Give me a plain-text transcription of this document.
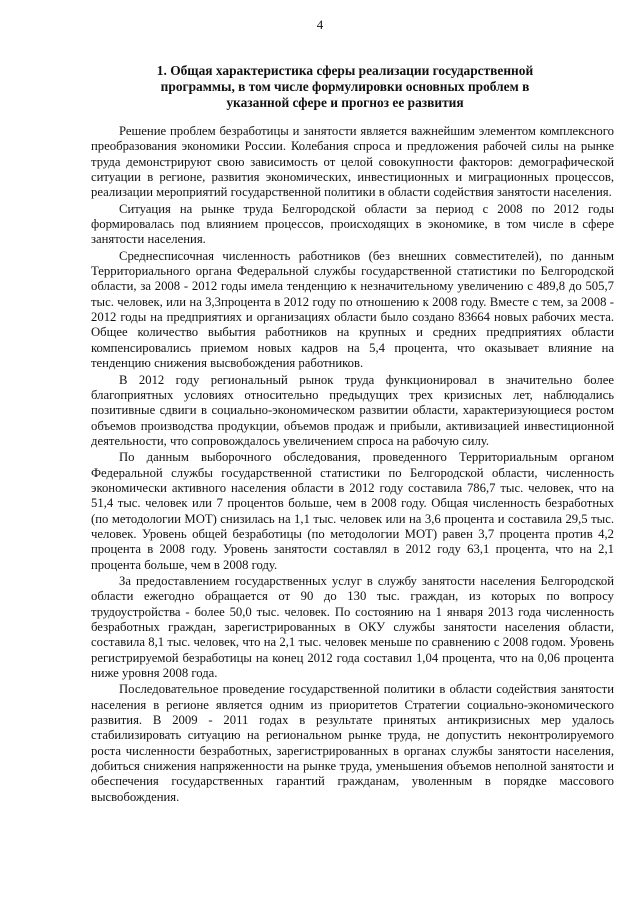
4
1. Общая характеристика сферы реализации государственной программы, в том числе формулировки основных проблем в указанной сфере и прогноз ее развития

Решение проблем безработицы и занятости является важнейшим элементом комплексного преобразования экономики России. Колебания спроса и предложения рабочей силы на рынке труда демонстрируют свою зависимость от целой совокупности факторов: демографической ситуации в регионе, развития экономических, инвестиционных и миграционных процессов, реализации мероприятий государственной политики в области содействия занятости населения.

Ситуация на рынке труда Белгородской области за период с 2008 по 2012 годы формировалась под влиянием процессов, происходящих в экономике, в том числе в сфере занятости населения.

Среднесписочная численность работников (без внешних совместителей), по данным Территориального органа Федеральной службы государственной статистики по Белгородской области, за 2008 - 2012 годы имела тенденцию к незначительному увеличению с 489,8 до 505,7 тыс. человек, или на 3,3процента в 2012 году по отношению к 2008 году. Вместе с тем, за 2008 - 2012 годы на предприятиях и организациях области было создано 83664 новых рабочих места. Общее количество выбытия работников на крупных и средних предприятиях области компенсировались приемом новых кадров на 5,4 процента, что оказывает влияние на тенденцию снижения высвобождения работников.

В 2012 году региональный рынок труда функционировал в значительно более благоприятных условиях относительно предыдущих трех кризисных лет, наблюдались позитивные сдвиги в социально-экономическом развитии области, характеризующиеся ростом объемов производства продукции, объемов продаж и прибыли, активизацией инвестиционной деятельности, что сопровождалось увеличением спроса на рабочую силу.

По данным выборочного обследования, проведенного Территориальным органом Федеральной службы государственной статистики по Белгородской области, численность экономически активного населения области в 2012 году составила 786,7 тыс. человек, что на 51,4 тыс. человек или 7 процентов больше, чем в 2008 году. Общая численность безработных (по методологии МОТ) снизилась на 1,1 тыс. человек или на 3,6 процента и составила 29,5 тыс. человек. Уровень общей безработицы (по методологии МОТ) равен 3,7 процента против 4,2 процента в 2008 году. Уровень занятости составлял в 2012 году 63,1 процента, что на 2,1 процента больше, чем в 2008 году.

За предоставлением государственных услуг в службу занятости населения Белгородской области ежегодно обращается от 90 до 130 тыс. граждан, из которых по вопросу трудоустройства - более 50,0 тыс. человек. По состоянию на 1 января 2013 года численность безработных граждан, зарегистрированных в ОКУ службы занятости населения области, составила 8,1 тыс. человек, что на 2,1 тыс. человек меньше по сравнению с 2008 годом. Уровень регистрируемой безработицы на конец 2012 года составил 1,04 процента, что на 0,06 процента ниже уровня 2008 года.

Последовательное проведение государственной политики в области содействия занятости населения в регионе является одним из приоритетов Стратегии социально-экономического развития. В 2009 - 2011 годах в результате принятых антикризисных мер удалось стабилизировать ситуацию на региональном рынке труда, не допустить неконтролируемого роста численности безработных, зарегистрированных в органах службы занятости населения, добиться снижения напряженности на рынке труда, уменьшения объемов неполной занятости и обеспечения государственных гарантий гражданам, уволенным в порядке массового высвобождения.
